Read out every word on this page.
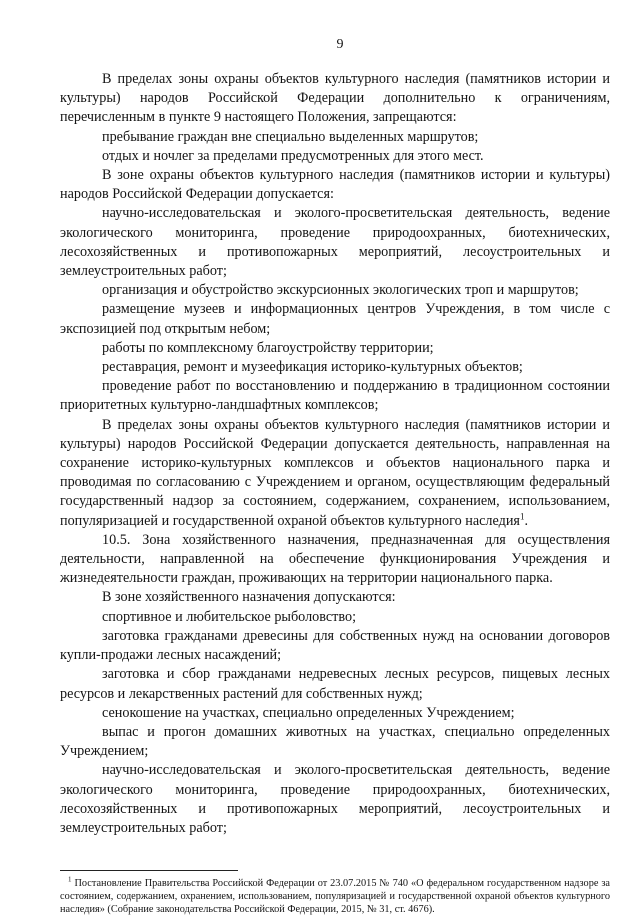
9

В пределах зоны охраны объектов культурного наследия (памятников истории и культуры) народов Российской Федерации дополнительно к ограничениям, перечисленным в пункте 9 настоящего Положения, запрещаются:

пребывание граждан вне специально выделенных маршрутов;

отдых и ночлег за пределами предусмотренных для этого мест.

В зоне охраны объектов культурного наследия (памятников истории и культуры) народов Российской Федерации допускается:

научно-исследовательская и эколого-просветительская деятельность, ведение экологического мониторинга, проведение природоохранных, биотехнических, лесохозяйственных и противопожарных мероприятий, лесоустроительных и землеустроительных работ;

организация и обустройство экскурсионных экологических троп и маршрутов;

размещение музеев и информационных центров Учреждения, в том числе с экспозицией под открытым небом;

работы по комплексному благоустройству территории;

реставрация, ремонт и музеефикация историко-культурных объектов;

проведение работ по восстановлению и поддержанию в традиционном состоянии приоритетных культурно-ландшафтных комплексов;

В пределах зоны охраны объектов культурного наследия (памятников истории и культуры) народов Российской Федерации допускается деятельность, направленная на сохранение историко-культурных комплексов и объектов национального парка и проводимая по согласованию с Учреждением и органом, осуществляющим федеральный государственный надзор за состоянием, содержанием, сохранением, использованием, популяризацией и государственной охраной объектов культурного наследия$^1$.

10.5. Зона хозяйственного назначения, предназначенная для осуществления деятельности, направленной на обеспечение функционирования Учреждения и жизнедеятельности граждан, проживающих на территории национального парка.

В зоне хозяйственного назначения допускаются:

спортивное и любительское рыболовство;

заготовка гражданами древесины для собственных нужд на основании договоров купли-продажи лесных насаждений;

заготовка и сбор гражданами недревесных лесных ресурсов, пищевых лесных ресурсов и лекарственных растений для собственных нужд;

сенокошение на участках, специально определенных Учреждением;

выпас и прогон домашних животных на участках, специально определенных Учреждением;

научно-исследовательская и эколого-просветительская деятельность, ведение экологического мониторинга, проведение природоохранных, биотехнических, лесохозяйственных и противопожарных мероприятий, лесоустроительных и землеустроительных работ;

$^1$ Постановление Правительства Российской Федерации от 23.07.2015 № 740 «О федеральном государственном надзоре за состоянием, содержанием, охранением, использованием, популяризацией и государственной охраной объектов культурного наследия» (Собрание законодательства Российской Федерации, 2015, № 31, ст. 4676).
